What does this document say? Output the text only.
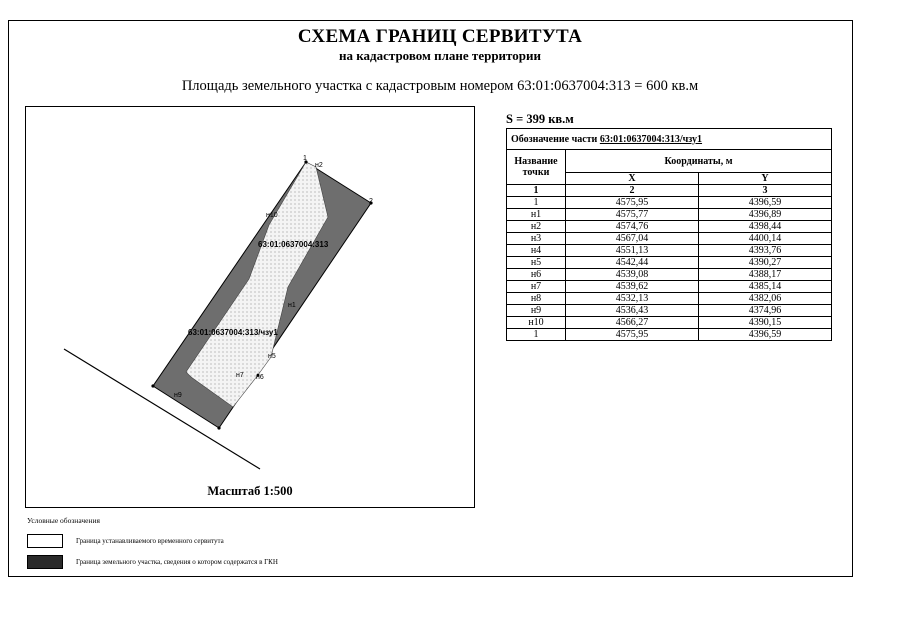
СХЕМА ГРАНИЦ СЕРВИТУТА
на кадастровом плане территории
Площадь земельного участка с кадастровым номером 63:01:0637004:313 = 600 кв.м
1
н2
2
н10
н1
н5
н7 н6
н9
63:01:0637004:313
63:01:0637004:313/чзу1
Масштаб 1:500
S = 399 кв.м
Обозначение части 63:01:0637004:313/чзу1		
Название точки	Координаты, м	
	X	Y
1	2	3
1	4575,95	4396,59
н1	4575,77	4396,89
н2	4574,76	4398,44
н3	4567,04	4400,14
н4	4551,13	4393,76
н5	4542,44	4390,27
н6	4539,08	4388,17
н7	4539,62	4385,14
н8	4532,13	4382,06
н9	4536,43	4374,96
н10	4566,27	4390,15
1	4575,95	4396,59
Условные обозначения
Граница устанавливаемого временного сервитута
Граница земельного участка, сведения о котором содержатся в ГКН
